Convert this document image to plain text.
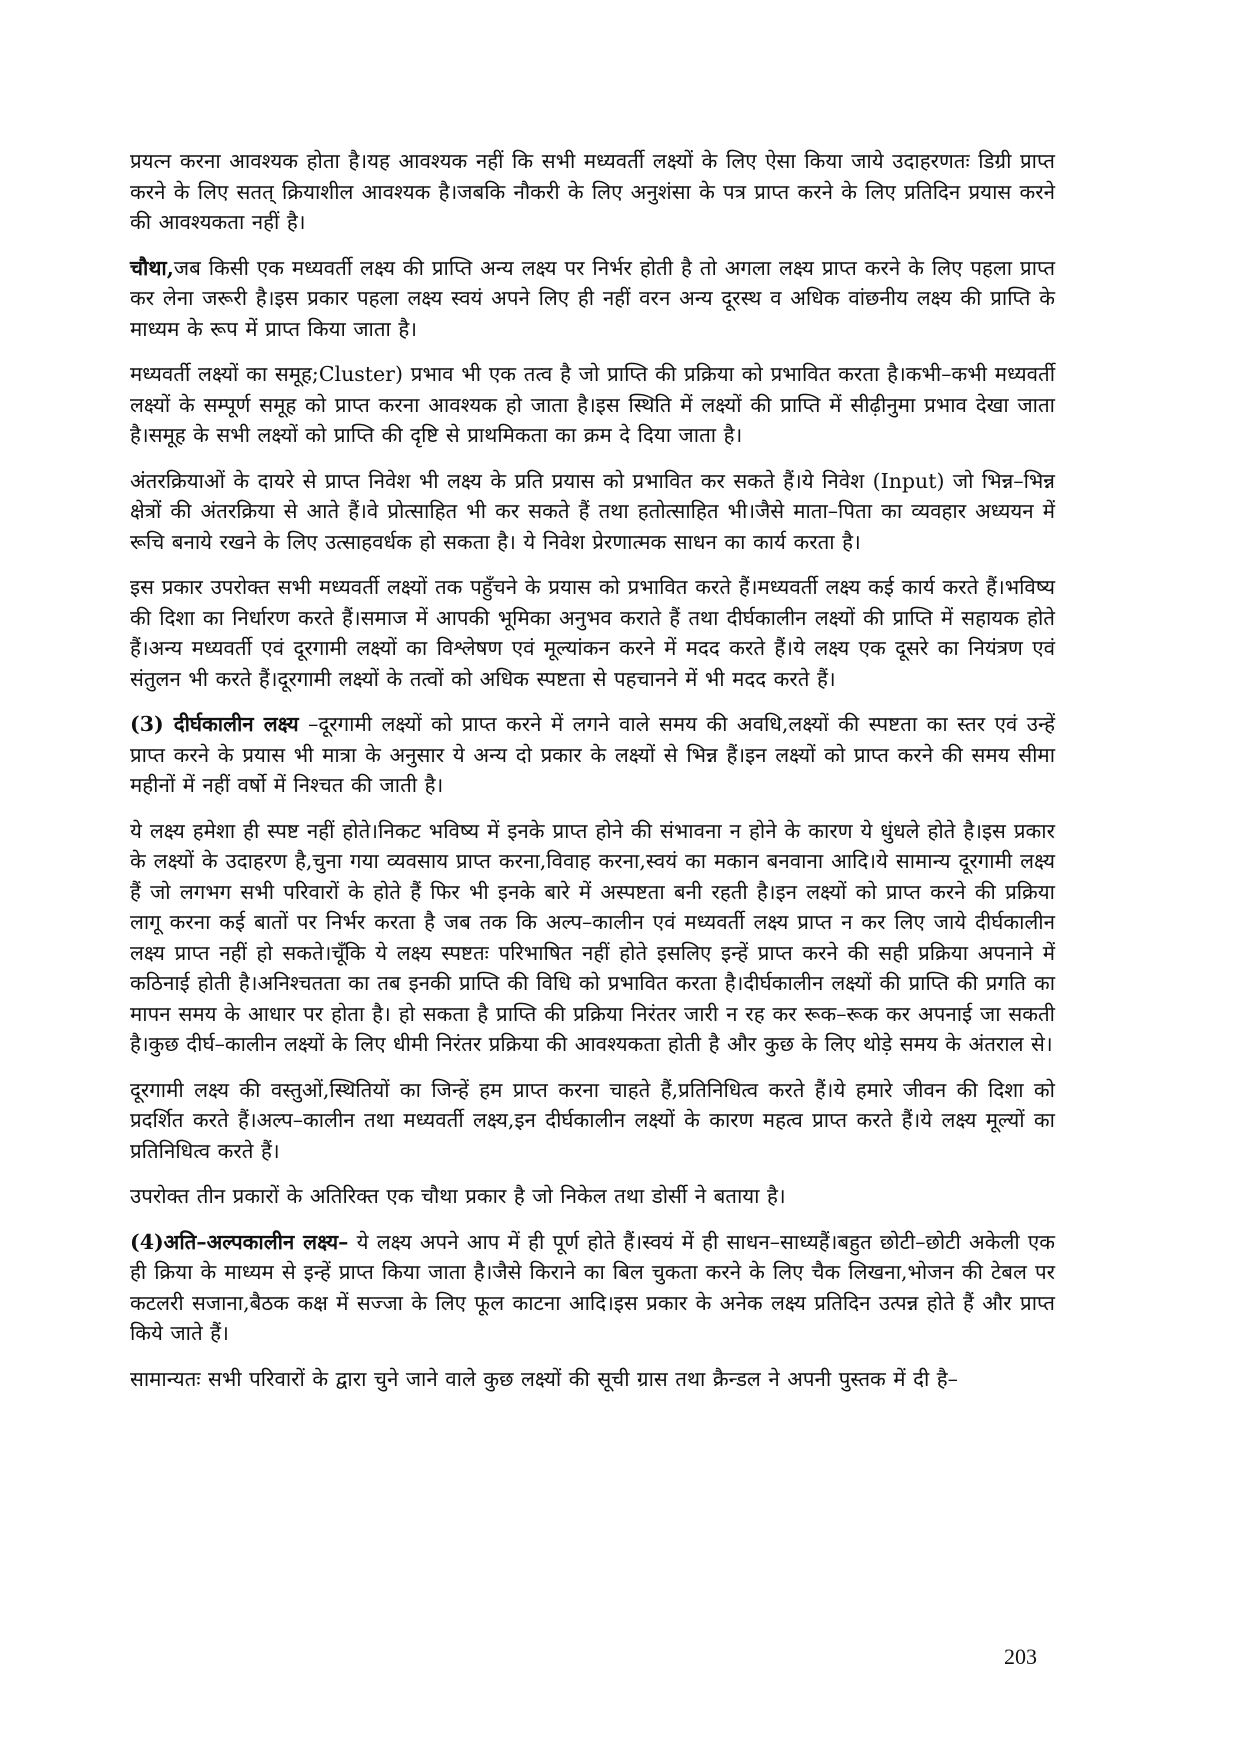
प्रयत्न करना आवश्यक होता है।यह आवश्यक नहीं कि सभी मध्यवर्ती लक्ष्यों के लिए ऐसा किया जाये उदाहरणतः डिग्री प्राप्त करने के लिए सतत् क्रियाशील आवश्यक है।जबकि नौकरी के लिए अनुशंसा के पत्र प्राप्त करने के लिए प्रतिदिन प्रयास करने की आवश्यकता नहीं है।

चौथा,जब किसी एक मध्यवर्ती लक्ष्य की प्राप्ति अन्य लक्ष्य पर निर्भर होती है तो अगला लक्ष्य प्राप्त करने के लिए पहला प्राप्त कर लेना जरूरी है।इस प्रकार पहला लक्ष्य स्वयं अपने लिए ही नहीं वरन अन्य दूरस्थ व अधिक वांछनीय लक्ष्य की प्राप्ति के माध्यम के रूप में प्राप्त किया जाता है।

मध्यवर्ती लक्ष्यों का समूह;Cluster) प्रभाव भी एक तत्व है जो प्राप्ति की प्रक्रिया को प्रभावित करता है।कभी–कभी मध्यवर्ती लक्ष्यों के सम्पूर्ण समूह को प्राप्त करना आवश्यक हो जाता है।इस स्थिति में लक्ष्यों की प्राप्ति में सीढ़ीनुमा प्रभाव देखा जाता है।समूह के सभी लक्ष्यों को प्राप्ति की दृष्टि से प्राथमिकता का क्रम दे दिया जाता है।

अंतरक्रियाओं के दायरे से प्राप्त निवेश भी लक्ष्य के प्रति प्रयास को प्रभावित कर सकते हैं।ये निवेश (Input) जो भिन्न–भिन्न क्षेत्रों की अंतरक्रिया से आते हैं।वे प्रोत्साहित भी कर सकते हैं तथा हतोत्साहित भी।जैसे माता–पिता का व्यवहार अध्ययन में रूचि बनाये रखने के लिए उत्साहवर्धक हो सकता है। ये निवेश प्रेरणात्मक साधन का कार्य करता है।

इस प्रकार उपरोक्त सभी मध्यवर्ती लक्ष्यों तक पहुँचने के प्रयास को प्रभावित करते हैं।मध्यवर्ती लक्ष्य कई कार्य करते हैं।भविष्य की दिशा का निर्धारण करते हैं।समाज में आपकी भूमिका अनुभव कराते हैं तथा दीर्घकालीन लक्ष्यों की प्राप्ति में सहायक होते हैं।अन्य मध्यवर्ती एवं दूरगामी लक्ष्यों का विश्लेषण एवं मूल्यांकन करने में मदद करते हैं।ये लक्ष्य एक दूसरे का नियंत्रण एवं संतुलन भी करते हैं।दूरगामी लक्ष्यों के तत्वों को अधिक स्पष्टता से पहचानने में भी मदद करते हैं।

(3) दीर्घकालीन लक्ष्य –दूरगामी लक्ष्यों को प्राप्त करने में लगने वाले समय की अवधि,लक्ष्यों की स्पष्टता का स्तर एवं उन्हें प्राप्त करने के प्रयास भी मात्रा के अनुसार ये अन्य दो प्रकार के लक्ष्यों से भिन्न हैं।इन लक्ष्यों को प्राप्त करने की समय सीमा महीनों में नहीं वर्षो में निश्चत की जाती है।

ये लक्ष्य हमेशा ही स्पष्ट नहीं होते।निकट भविष्य में इनके प्राप्त होने की संभावना न होने के कारण ये धुंधले होते है।इस प्रकार के लक्ष्यों के उदाहरण है,चुना गया व्यवसाय प्राप्त करना,विवाह करना,स्वयं का मकान बनवाना आदि।ये सामान्य दूरगामी लक्ष्य हैं जो लगभग सभी परिवारों के होते हैं फिर भी इनके बारे में अस्पष्टता बनी रहती है।इन लक्ष्यों को प्राप्त करने की प्रक्रिया लागू करना कई बातों पर निर्भर करता है जब तक कि अल्प–कालीन एवं मध्यवर्ती लक्ष्य प्राप्त न कर लिए जाये दीर्घकालीन लक्ष्य प्राप्त नहीं हो सकते।चूँकि ये लक्ष्य स्पष्टतः परिभाषित नहीं होते इसलिए इन्हें प्राप्त करने की सही प्रक्रिया अपनाने में कठिनाई होती है।अनिश्चतता का तब इनकी प्राप्ति की विधि को प्रभावित करता है।दीर्घकालीन लक्ष्यों की प्राप्ति की प्रगति का मापन समय के आधार पर होता है। हो सकता है प्राप्ति की प्रक्रिया निरंतर जारी न रह कर रूक–रूक कर अपनाई जा सकती है।कुछ दीर्घ–कालीन लक्ष्यों के लिए धीमी निरंतर प्रक्रिया की आवश्यकता होती है और कुछ के लिए थोड़े समय के अंतराल से।

दूरगामी लक्ष्य की वस्तुओं,स्थितियों का जिन्हें हम प्राप्त करना चाहते हैं,प्रतिनिधित्व करते हैं।ये हमारे जीवन की दिशा को प्रदर्शित करते हैं।अल्प–कालीन तथा मध्यवर्ती लक्ष्य,इन दीर्घकालीन लक्ष्यों के कारण महत्व प्राप्त करते हैं।ये लक्ष्य मूल्यों का प्रतिनिधित्व करते हैं।

उपरोक्त तीन प्रकारों के अतिरिक्त एक चौथा प्रकार है जो निकेल तथा डोर्सी ने बताया है।

(4)अति–अल्पकालीन लक्ष्य– ये लक्ष्य अपने आप में ही पूर्ण होते हैं।स्वयं में ही साधन–साध्यहैं।बहुत छोटी–छोटी अकेली एक ही क्रिया के माध्यम से इन्हें प्राप्त किया जाता है।जैसे किराने का बिल चुकता करने के लिए चैक लिखना,भोजन की टेबल पर कटलरी सजाना,बैठक कक्ष में सज्जा के लिए फूल काटना आदि।इस प्रकार के अनेक लक्ष्य प्रतिदिन उत्पन्न होते हैं और प्राप्त किये जाते हैं।

सामान्यतः सभी परिवारों के द्वारा चुने जाने वाले कुछ लक्ष्यों की सूची ग्रास तथा क्रैन्डल ने अपनी पुस्तक में दी है–

203
